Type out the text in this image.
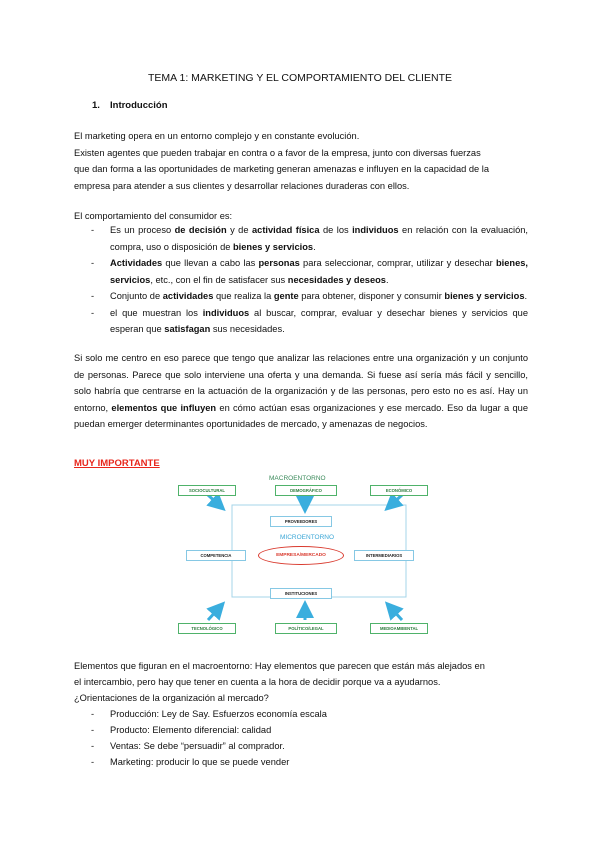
TEMA 1: MARKETING Y EL COMPORTAMIENTO DEL CLIENTE
1. Introducción
El marketing opera en un entorno complejo y en constante evolución.
Existen agentes que pueden trabajar en contra o a favor de la empresa, junto con diversas fuerzas
que dan forma a las oportunidades de marketing generan amenazas e influyen en la capacidad de la
empresa para atender a sus clientes y desarrollar relaciones duraderas con ellos.
El comportamiento del consumidor es:
- Es un proceso de decisión y de actividad física de los individuos en relación con la evaluación, compra, uso o disposición de bienes y servicios.
- Actividades que llevan a cabo las personas para seleccionar, comprar, utilizar y desechar bienes, servicios, etc., con el fin de satisfacer sus necesidades y deseos.
- Conjunto de actividades que realiza la gente para obtener, disponer y consumir bienes y servicios.
- el que muestran los individuos al buscar, comprar, evaluar y desechar bienes y servicios que esperan que satisfagan sus necesidades.
Si solo me centro en eso parece que tengo que analizar las relaciones entre una organización y un conjunto de personas. Parece que solo interviene una oferta y una demanda. Si fuese así sería más fácil y sencillo, solo habría que centrarse en la actuación de la organización y de las personas, pero esto no es así. Hay un entorno, elementos que influyen en cómo actúan esas organizaciones y ese mercado. Eso da lugar a que puedan emerger determinantes oportunidades de mercado, y amenazas de negocios.
MUY IMPORTANTE
MACROENTORNO
SOCIOCULTURAL	DEMOGRÁFICO	ECONÓMICO
PROVEEDORES
MICROENTORNO
COMPETENCIA	EMPRESA/MERCADO	INTERMEDIARIOS
INSTITUCIONES
TECNOLÓGICO	POLÍTICO/LEGAL	MEDIOAMBIENTAL
Elementos que figuran en el macroentorno: Hay elementos que parecen que están más alejados en
el intercambio, pero hay que tener en cuenta a la hora de decidir porque va a ayudarnos.
¿Orientaciones de la organización al mercado?
- Producción: Ley de Say. Esfuerzos economía escala
- Producto: Elemento diferencial: calidad
- Ventas: Se debe “persuadir” al comprador.
- Marketing: producir lo que se puede vender
